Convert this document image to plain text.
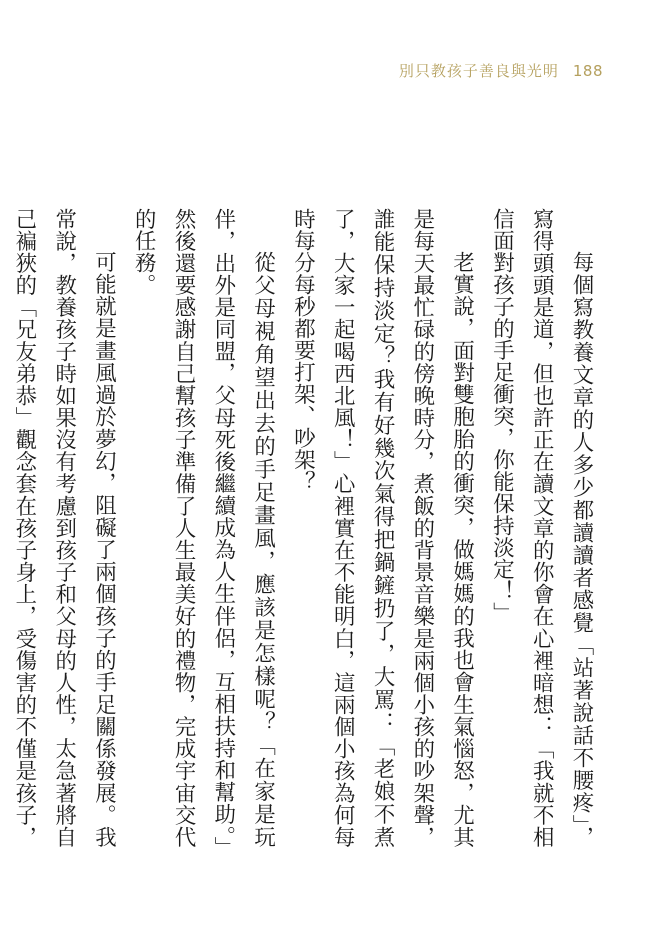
別只教孩子善良與光明 188

每個寫教養文章的人多少都讀讀者感覺「站著說話不腰疼」，寫得頭頭是道，但也許正在讀文章的你會在心裡暗想：「我就不相信面對孩子的手足衝突，你能保持淡定！」

老實說，面對雙胞胎的衝突，做媽媽的我也會生氣惱怒，尤其是每天最忙碌的傍晚時分，煮飯的背景音樂是兩個小孩的吵架聲，誰能保持淡定？我有好幾次氣得把鍋鏟扔了，大罵：「老娘不煮了，大家一起喝西北風！」心裡實在不能明白，這兩個小孩為何每時每分每秒都要打架、吵架？

從父母視角望出去的手足畫風，應該是怎樣呢？「在家是玩伴，出外是同盟，父母死後繼續成為人生伴侶，互相扶持和幫助。」然後還要感謝自己幫孩子準備了人生最美好的禮物，完成宇宙交代的任務。

可能就是畫風過於夢幻，阻礙了兩個孩子的手足關係發展。我常說，教養孩子時如果沒有考慮到孩子和父母的人性，太急著將自己褊狹的「兄友弟恭」觀念套在孩子身上，受傷害的不僅是孩子，
